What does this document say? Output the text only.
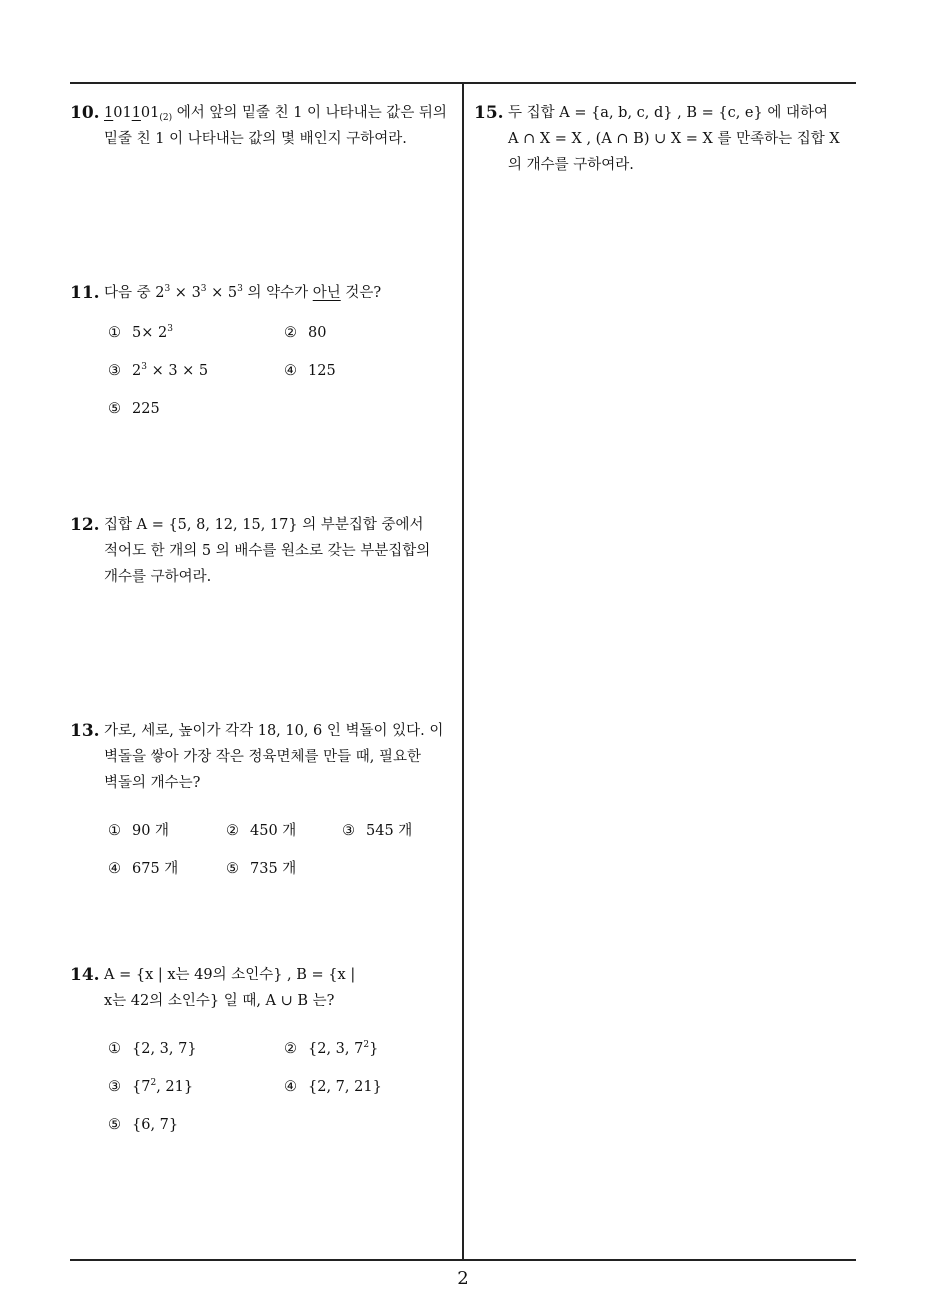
10. $101101_{(2)}$ 에서 앞의 밑줄 친 1 이 나타내는 값은 뒤의
밑줄 친 1 이 나타내는 값의 몇 배인지 구하여라.
11. 다음 중 $2^3 \times 3^3 \times 5^3$ 의 약수가 아닌 것은?
① $5\times 2^3$	② 80
③ $2^3 \times 3 \times 5$	④ 125
⑤ 225
12. 집합 A = {5, 8, 12, 15, 17} 의 부분집합 중에서
적어도 한 개의 5 의 배수를 원소로 갖는 부분집합의
개수를 구하여라.
13. 가로, 세로, 높이가 각각 18, 10, 6 인 벽돌이 있다. 이
벽돌을 쌓아 가장 작은 정육면체를 만들 때, 필요한
벽돌의 개수는?
① 90 개	② 450 개	③ 545 개
④ 675 개	⑤ 735 개
14. A = {x | x는 49의 소인수} , B = {x |
x는 42의 소인수} 일 때, A ∪ B 는?
① {2, 3, 7}	② {2, 3, $7^2$}
③ {$7^2$, 21}	④ {2, 7, 21}
⑤ {6, 7}
15. 두 집합 A = {a, b, c, d} , B = {c, e} 에 대하여
A ∩ X = X , (A ∩ B) ∪ X = X 를 만족하는 집합 X
의 개수를 구하여라.
2
